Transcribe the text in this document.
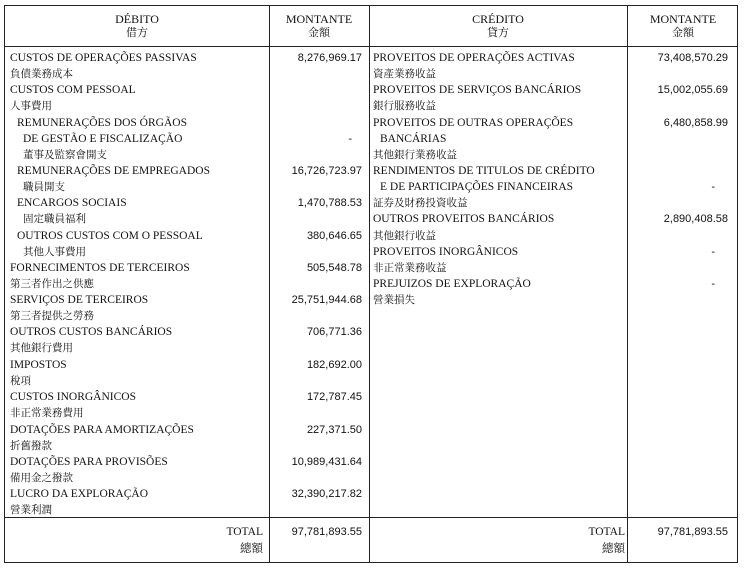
DÉBITO
借方
MONTANTE
金額
CRÉDITO
貸方
MONTANTE
金額
CUSTOS DE OPERAÇÕES PASSIVAS
負債業務成本
8,276,969.17
CUSTOS COM PESSOAL
人事費用
REMUNERAÇÕES DOS ÓRGÃOS
DE GESTÃO E FISCALIZAÇÃO
董事及監察會開支
-
REMUNERAÇÕES DE EMPREGADOS
職員開支
16,726,723.97
ENCARGOS SOCIAIS
固定職員福利
1,470,788.53
OUTROS CUSTOS COM O PESSOAL
其他人事費用
380,646.65
FORNECIMENTOS DE TERCEIROS
第三者作出之供應
505,548.78
SERVIÇOS DE TERCEIROS
第三者提供之勞務
25,751,944.68
OUTROS CUSTOS BANCÁRIOS
其他銀行費用
706,771.36
IMPOSTOS
稅項
182,692.00
CUSTOS INORGÂNICOS
非正常業務費用
172,787.45
DOTAÇÕES PARA AMORTIZAÇÕES
折舊撥款
227,371.50
DOTAÇÕES PARA PROVISÕES
備用金之撥款
10,989,431.64
LUCRO DA EXPLORAÇÃO
營業利潤
32,390,217.82
PROVEITOS DE OPERAÇÕES ACTIVAS
資產業務收益
73,408,570.29
PROVEITOS DE SERVIÇOS BANCÁRIOS
銀行服務收益
15,002,055.69
PROVEITOS DE OUTRAS OPERAÇÕES
BANCÁRIAS
其他銀行業務收益
6,480,858.99
RENDIMENTOS DE TITULOS DE CRÉDITO
E DE PARTICIPAÇÕES FINANCEIRAS
証券及財務投資收益
-
OUTROS PROVEITOS BANCÁRIOS
其他銀行收益
2,890,408.58
PROVEITOS INORGÂNICOS
非正常業務收益
-
PREJUIZOS DE EXPLORAÇÃO
營業損失
-
TOTAL
總額
97,781,893.55	TOTAL
總額
97,781,893.55
